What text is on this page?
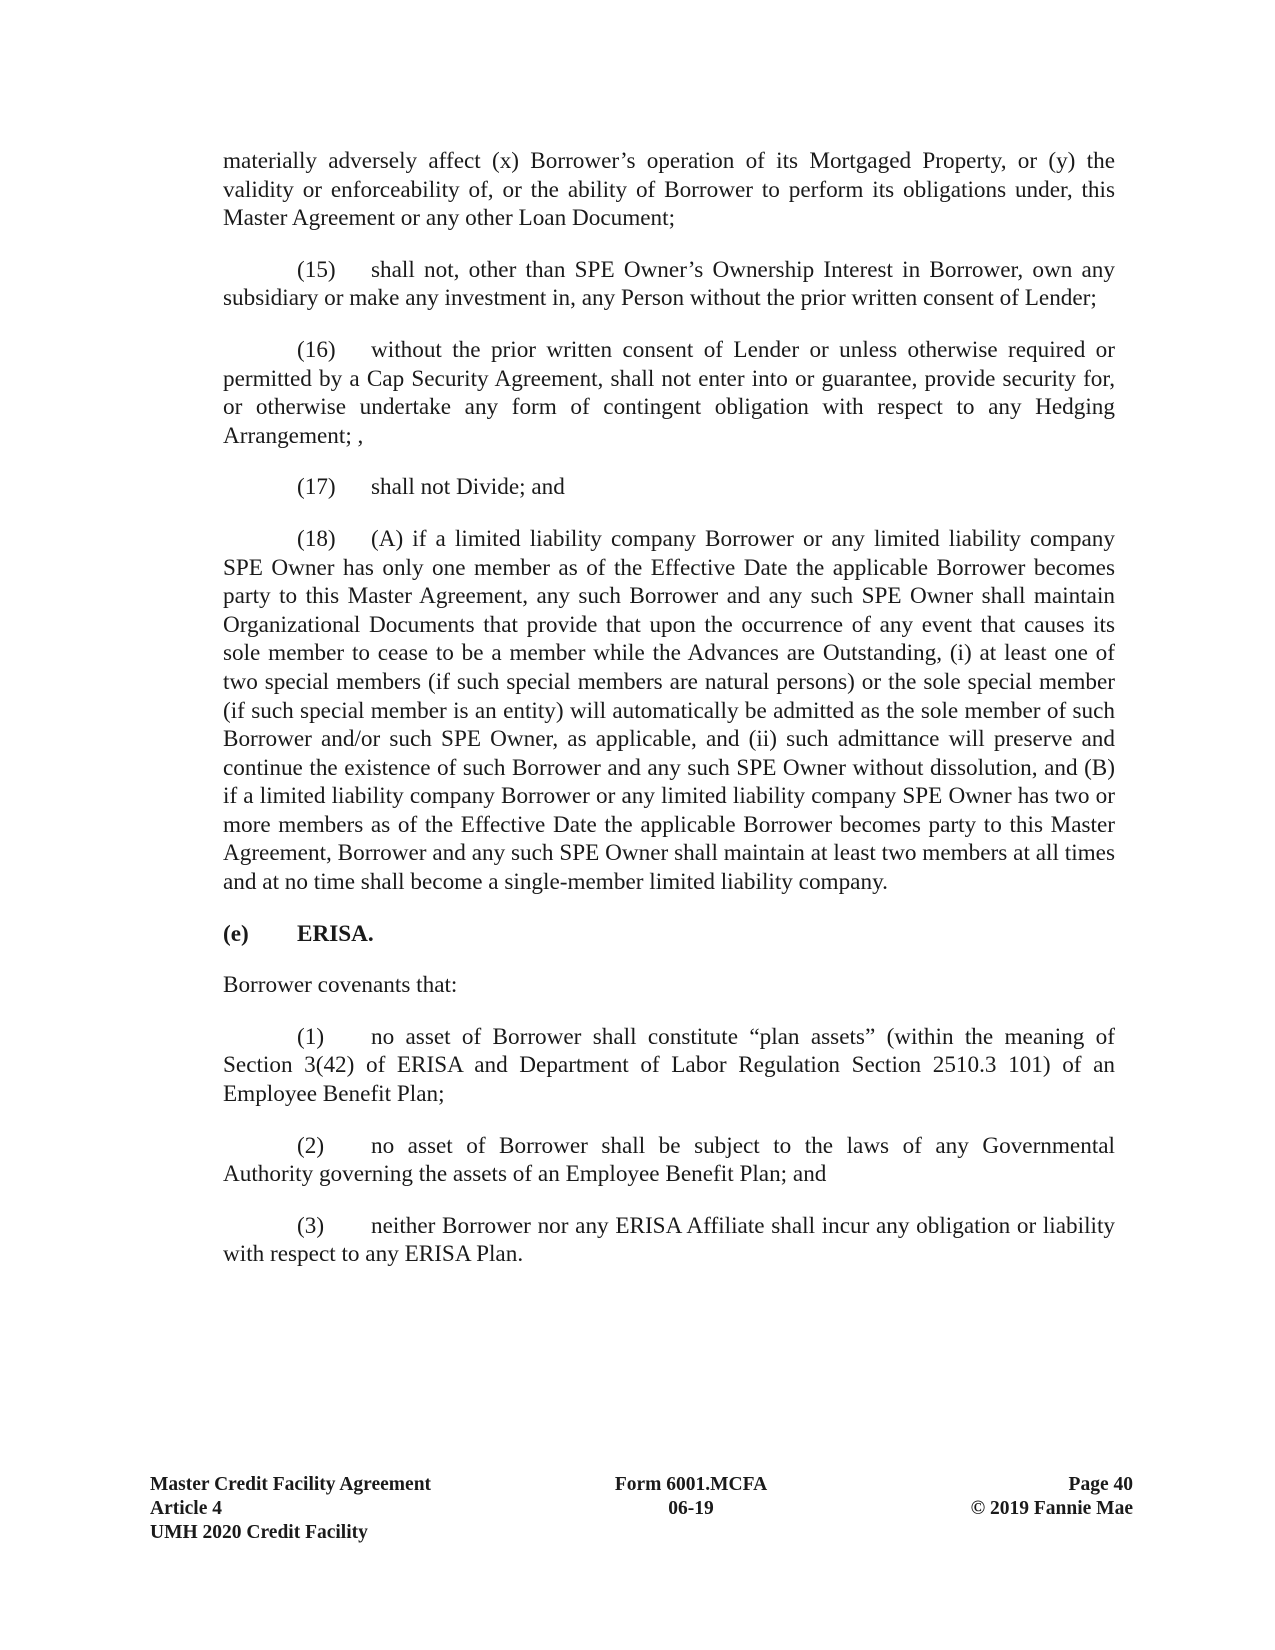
materially adversely affect (x) Borrower’s operation of its Mortgaged Property, or (y) the validity or enforceability of, or the ability of Borrower to perform its obligations under, this Master Agreement or any other Loan Document;

(15) shall not, other than SPE Owner’s Ownership Interest in Borrower, own any subsidiary or make any investment in, any Person without the prior written consent of Lender;

(16) without the prior written consent of Lender or unless otherwise required or permitted by a Cap Security Agreement, shall not enter into or guarantee, provide security for, or otherwise undertake any form of contingent obligation with respect to any Hedging Arrangement; ,

(17) shall not Divide; and

(18) (A) if a limited liability company Borrower or any limited liability company SPE Owner has only one member as of the Effective Date the applicable Borrower becomes party to this Master Agreement, any such Borrower and any such SPE Owner shall maintain Organizational Documents that provide that upon the occurrence of any event that causes its sole member to cease to be a member while the Advances are Outstanding, (i) at least one of two special members (if such special members are natural persons) or the sole special member (if such special member is an entity) will automatically be admitted as the sole member of such Borrower and/or such SPE Owner, as applicable, and (ii) such admittance will preserve and continue the existence of such Borrower and any such SPE Owner without dissolution, and (B) if a limited liability company Borrower or any limited liability company SPE Owner has two or more members as of the Effective Date the applicable Borrower becomes party to this Master Agreement, Borrower and any such SPE Owner shall maintain at least two members at all times and at no time shall become a single-member limited liability company.

(e) ERISA.

Borrower covenants that:

(1) no asset of Borrower shall constitute “plan assets” (within the meaning of Section 3(42) of ERISA and Department of Labor Regulation Section 2510.3 101) of an Employee Benefit Plan;

(2) no asset of Borrower shall be subject to the laws of any Governmental Authority governing the assets of an Employee Benefit Plan; and

(3) neither Borrower nor any ERISA Affiliate shall incur any obligation or liability with respect to any ERISA Plan.

Master Credit Facility Agreement
Article 4
UMH 2020 Credit Facility
Form 6001.MCFA
06-19
Page 40
© 2019 Fannie Mae
